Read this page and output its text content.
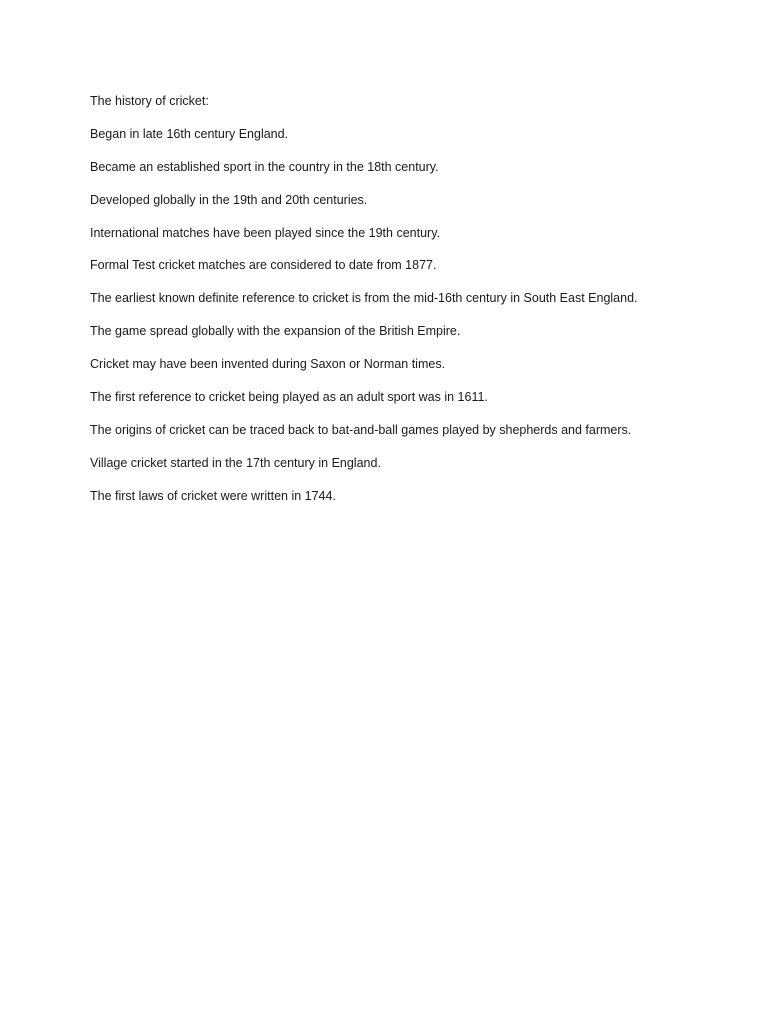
The history of cricket:

Began in late 16th century England.

Became an established sport in the country in the 18th century.

Developed globally in the 19th and 20th centuries.

International matches have been played since the 19th century.

Formal Test cricket matches are considered to date from 1877.

The earliest known definite reference to cricket is from the mid-16th century in South East England.

The game spread globally with the expansion of the British Empire.

Cricket may have been invented during Saxon or Norman times.

The first reference to cricket being played as an adult sport was in 1611.

The origins of cricket can be traced back to bat-and-ball games played by shepherds and farmers.

Village cricket started in the 17th century in England.

The first laws of cricket were written in 1744.
